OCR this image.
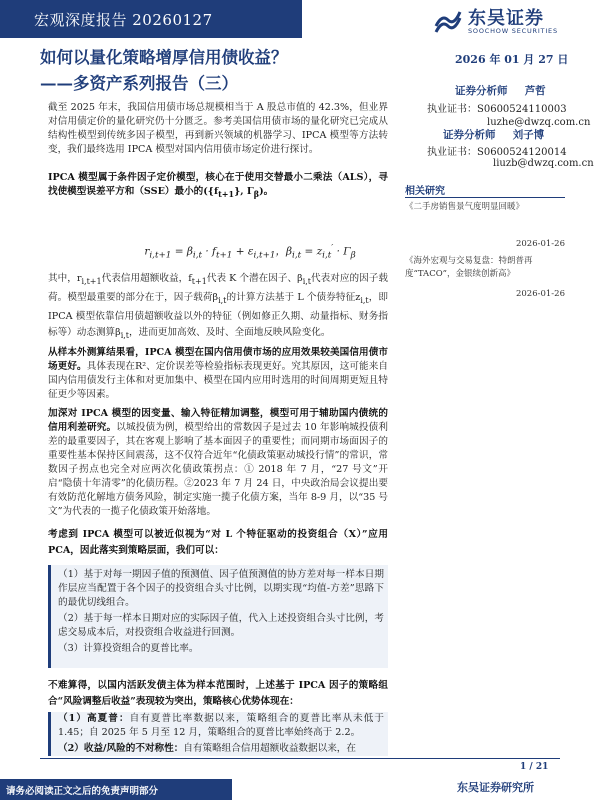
宏观深度报告 20260127	东吴证券
SOOCHOW SECURITIES
如何以量化策略增厚信用债收益？
——多资产系列报告（三）
2026 年 01 月 27 日
证券分析师 芦哲
执业证书：S0600524110003
luzhe@dwzq.com.cn
证券分析师 刘子博
执业证书：S0600524120014
liuzb@dwzq.com.cn
相关研究
《二手房销售景气度明显回暖》
2026-01-26
《海外宏观与交易复盘：特朗普再度“TACO”，金银续创新高》
2026-01-26
截至 2025 年末，我国信用债市场总规模相当于 A 股总市值的 42.3%，但业界对信用债定价的量化研究仍十分匮乏。参考美国信用债市场的量化研究已完成从结构性模型到传统多因子模型，再到新兴领域的机器学习、IPCA 模型等方法转变，我们最终选用 IPCA 模型对国内信用债市场定价进行探讨。
IPCA 模型属于条件因子定价模型，核心在于使用交替最小二乘法（ALS），寻找使模型误差平方和（SSE）最小的($\{f_{t+1}\}$, $\Gamma_\beta$)。
$r_{i,t+1} = \beta_{i,t} \cdot f_{t+1} + \varepsilon_{i,t+1}$，$\beta_{i,t} = z_{i,t}' \cdot \Gamma_\beta$
其中，$r_{i,t+1}$代表信用超额收益，$f_{t+1}$代表 K 个潜在因子、$\beta_{i,t}$代表对应的因子载荷。模型最重要的部分在于，因子载荷$\beta_{i,t}$的计算方法基于 L 个债券特征$z_{i,t}$，即 IPCA 模型依靠信用债超额收益以外的特征（例如修正久期、动量指标、财务指标等）动态测算$\beta_{i,t}$，进而更加高效、及时、全面地反映风险变化。
从样本外测算结果看，IPCA 模型在国内信用债市场的应用效果较美国信用债市场更好。具体表现在R²、定价误差等检验指标表现更好。究其原因，这可能来自国内信用债发行主体和对更加集中、模型在国内应用时选用的时间周期更短且特征更少等因素。
加深对 IPCA 模型的因变量、输入特征精加调整，模型可用于辅助国内债统的信用利差研究。以城投债为例，模型给出的常数因子是过去 10 年影响城投债利差的最重要因子，其在客观上影响了基本面因子的重要性；而同期市场面因子的重要性基本保持区间震荡，这不仅符合近年“化债政策驱动城投行情”的常识，常数因子拐点也完全对应两次化债政策拐点：① 2018 年 7 月，“27 号文”开启“隐债十年清零”的化债历程。②2023 年 7 月 24 日，中央政治局会议提出要有效防范化解地方债务风险，制定实施一揽子化债方案，当年 8-9 月，以“35 号文”为代表的一揽子化债政策开始落地。
考虑到 IPCA 模型可以被近似视为“对 L 个特征驱动的投资组合（X）”应用 PCA，因此落实到策略层面，我们可以：
（1）基于对每一期因子值的预测值、因子值预测值的协方差对每一样本日期作层应当配置于各个因子的投资组合头寸比例，以期实现“均值-方差”思路下的最优切线组合。
（2）基于每一样本日期对应的实际因子值，代入上述投资组合头寸比例，考虑交易成本后，对投资组合收益进行回测。
（3）计算投资组合的夏普比率。
不难算得，以国内活跃发债主体为样本范围时，上述基于 IPCA 因子的策略组合“风险调整后收益”表现较为突出，策略核心优势体现在：
（1）高夏普：自有夏普比率数据以来，策略组合的夏普比率从未低于 1.45；自 2025 年 5 月至 12 月，策略组合的夏普比率始终高于 2.2。
（2）收益/风险的不对称性：自有策略组合信用超额收益数据以来，在
1 / 21
请务必阅读正文之后的免责声明部分	东吴证券研究所
